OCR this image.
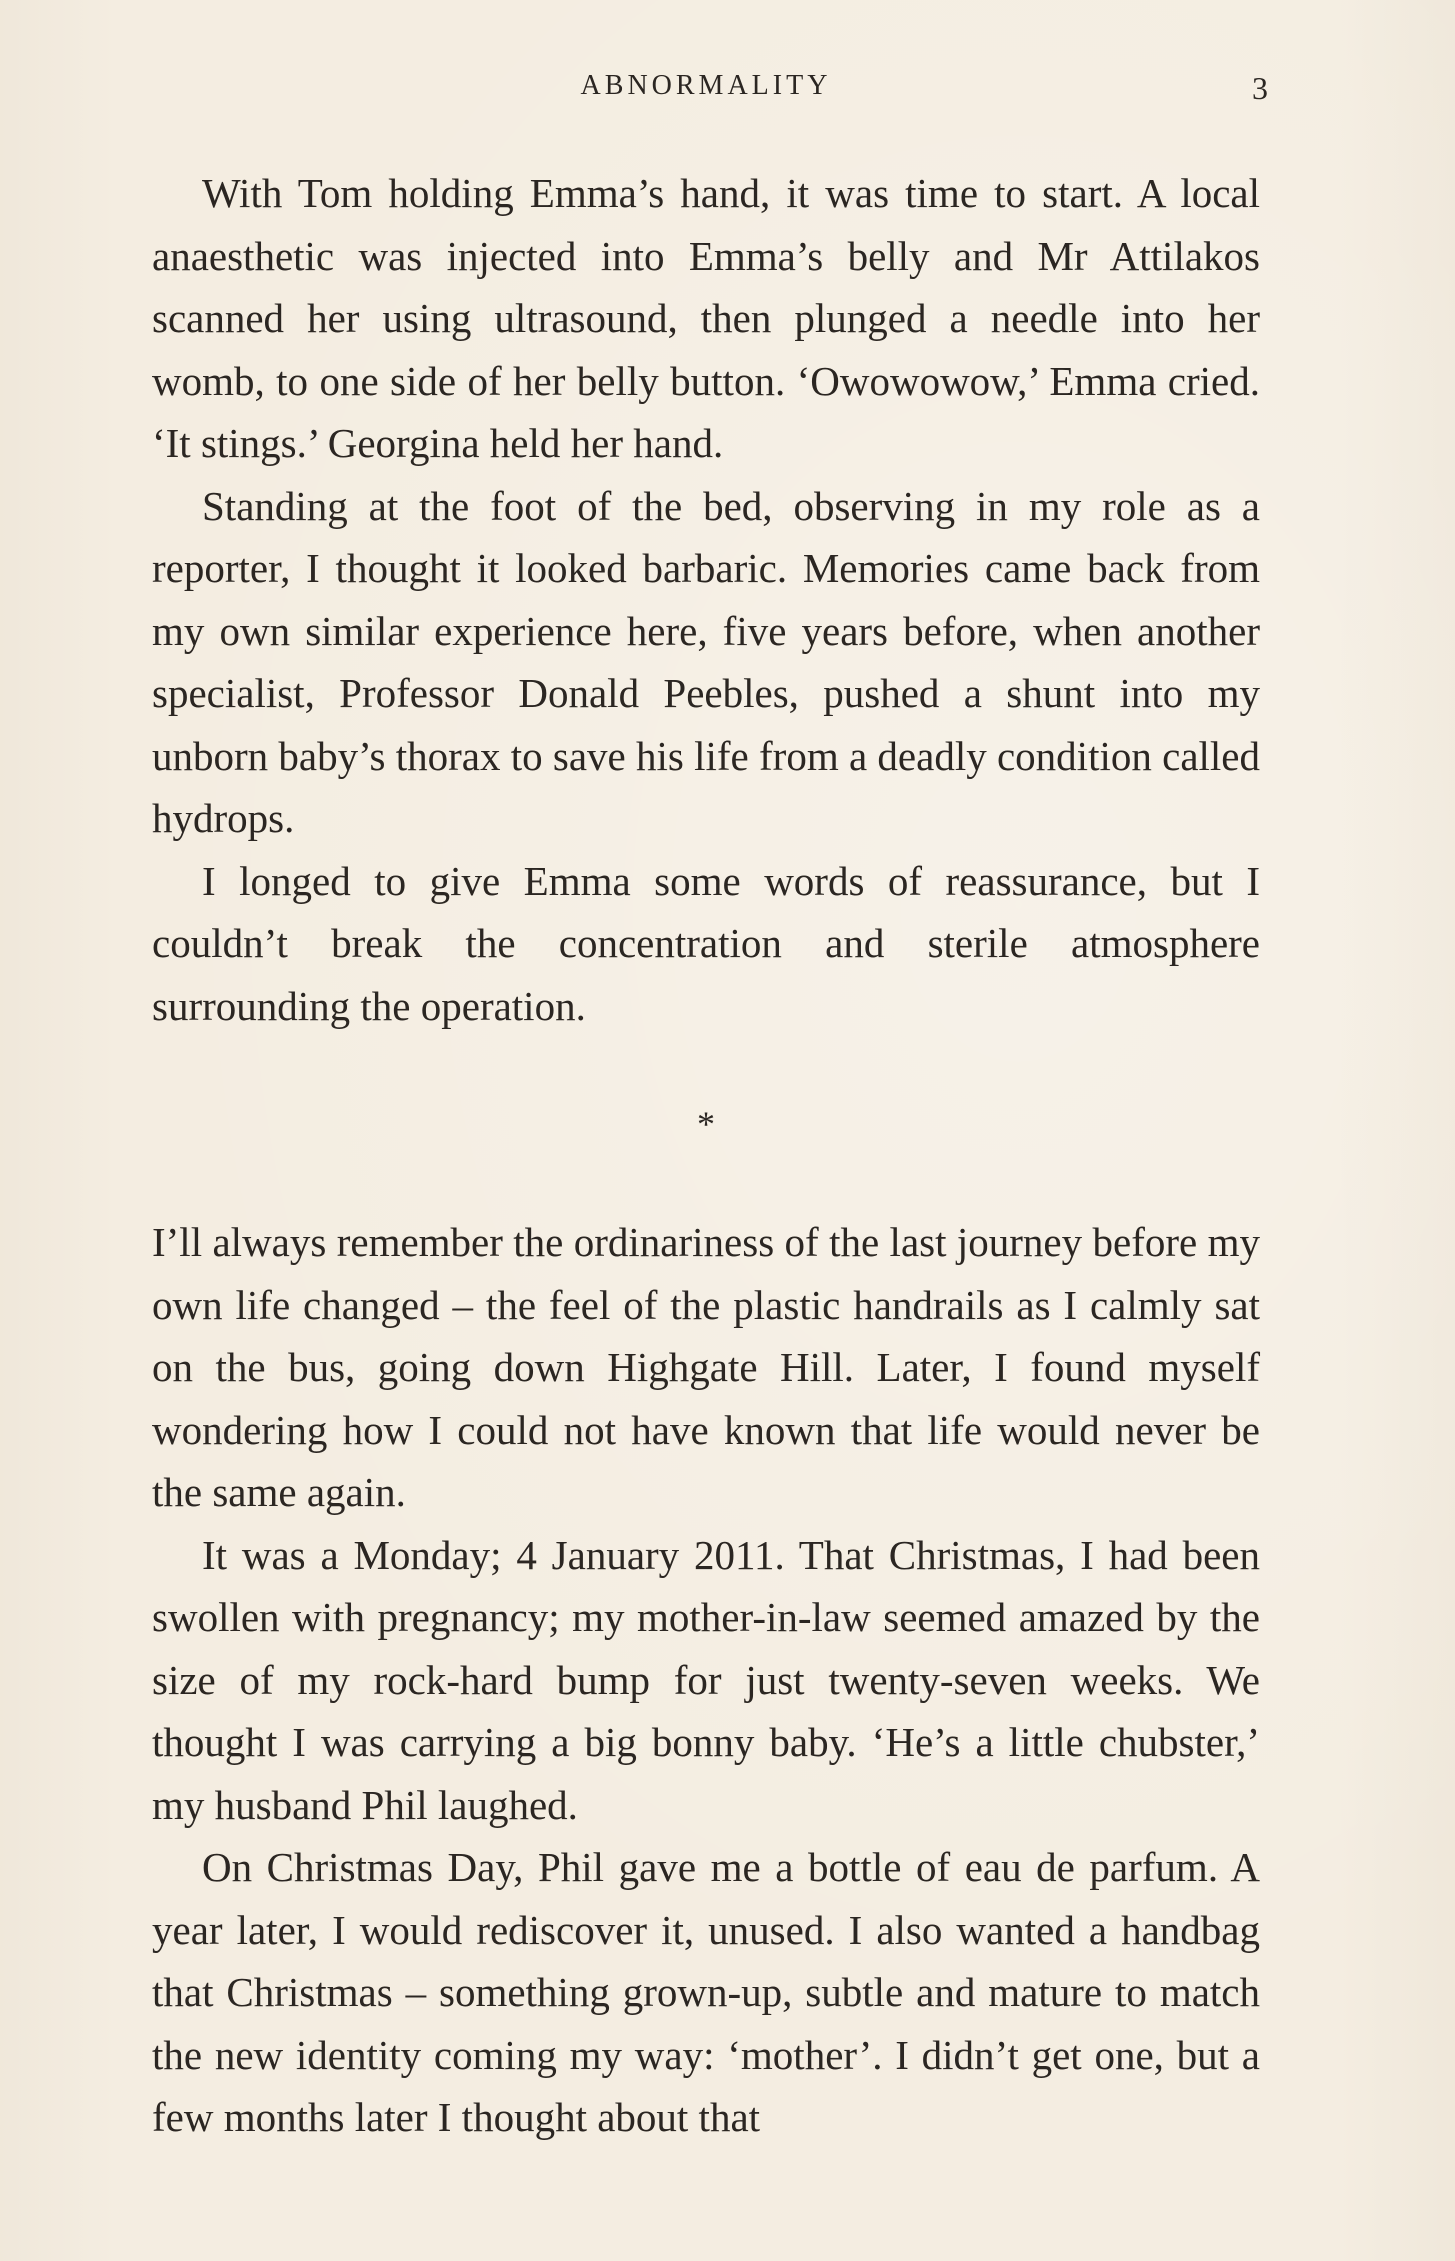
ABNORMALITY	3

With Tom holding Emma’s hand, it was time to start. A local anaesthetic was injected into Emma’s belly and Mr Attilakos scanned her using ultrasound, then plunged a needle into her womb, to one side of her belly button. ‘Owowowow,’ Emma cried. ‘It stings.’ Georgina held her hand.

Standing at the foot of the bed, observing in my role as a reporter, I thought it looked barbaric. Memories came back from my own similar experience here, five years before, when another specialist, Professor Donald Peebles, pushed a shunt into my unborn baby’s thorax to save his life from a deadly condition called hydrops.

I longed to give Emma some words of reassurance, but I couldn’t break the concentration and sterile atmosphere surrounding the operation.

*

I’ll always remember the ordinariness of the last journey before my own life changed – the feel of the plastic handrails as I calmly sat on the bus, going down Highgate Hill. Later, I found myself wondering how I could not have known that life would never be the same again.

It was a Monday; 4 January 2011. That Christmas, I had been swollen with pregnancy; my mother-in-law seemed amazed by the size of my rock-hard bump for just twenty-seven weeks. We thought I was carrying a big bonny baby. ‘He’s a little chubster,’ my husband Phil laughed.

On Christmas Day, Phil gave me a bottle of eau de parfum. A year later, I would rediscover it, unused. I also wanted a handbag that Christmas – something grown-up, subtle and mature to match the new identity coming my way: ‘mother’. I didn’t get one, but a few months later I thought about that
